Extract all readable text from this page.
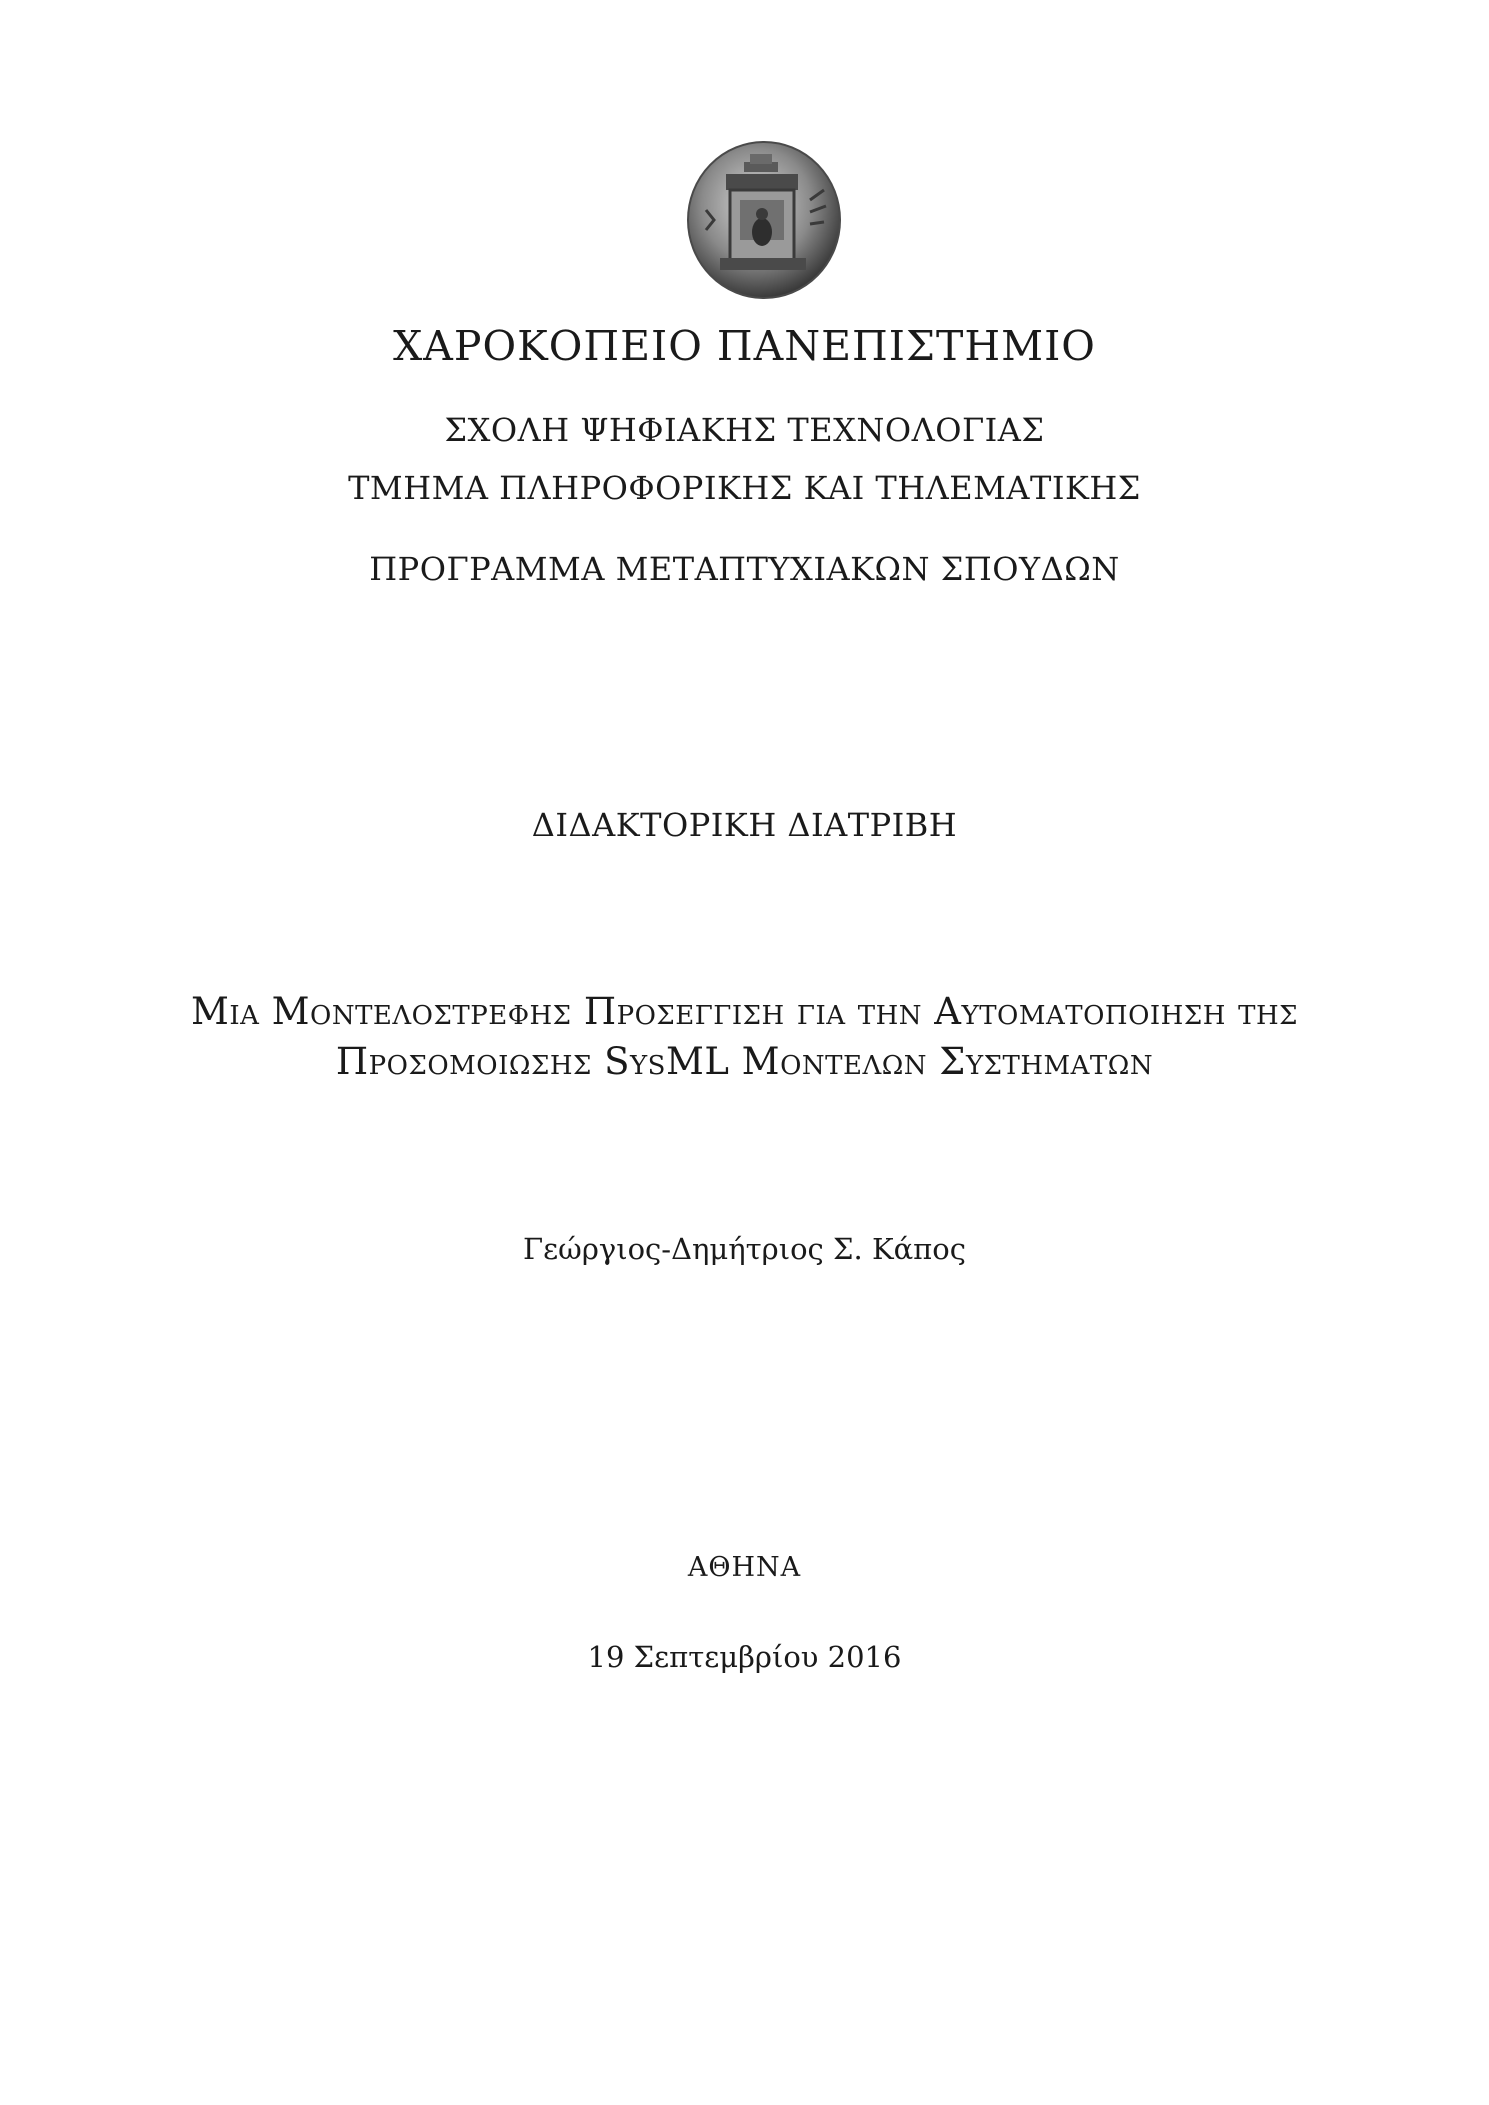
ΧΑΡΟΚΟΠΕΙΟ ΠΑΝΕΠΙΣΤΗΜΙΟ
ΣΧΟΛΗ ΨΗΦΙΑΚΗΣ ΤΕΧΝΟΛΟΓΙΑΣ
ΤΜΗΜΑ ΠΛΗΡΟΦΟΡΙΚΗΣ ΚΑΙ ΤΗΛΕΜΑΤΙΚΗΣ
ΠΡΟΓΡΑΜΜΑ ΜΕΤΑΠΤΥΧΙΑΚΩΝ ΣΠΟΥΔΩΝ
ΔΙΔΑΚΤΟΡΙΚΗ ΔΙΑΤΡΙΒΗ
Μια Μοντελοστρεφης Προσεγγιση για την Αυτοματοποιηση της
Προσομοιωσης SysML Μοντελων Συστηματων
Γεώργιος-Δημήτριος Σ. Κάπος
ΑΘΗΝΑ
19 Σεπτεμβρίου 2016
